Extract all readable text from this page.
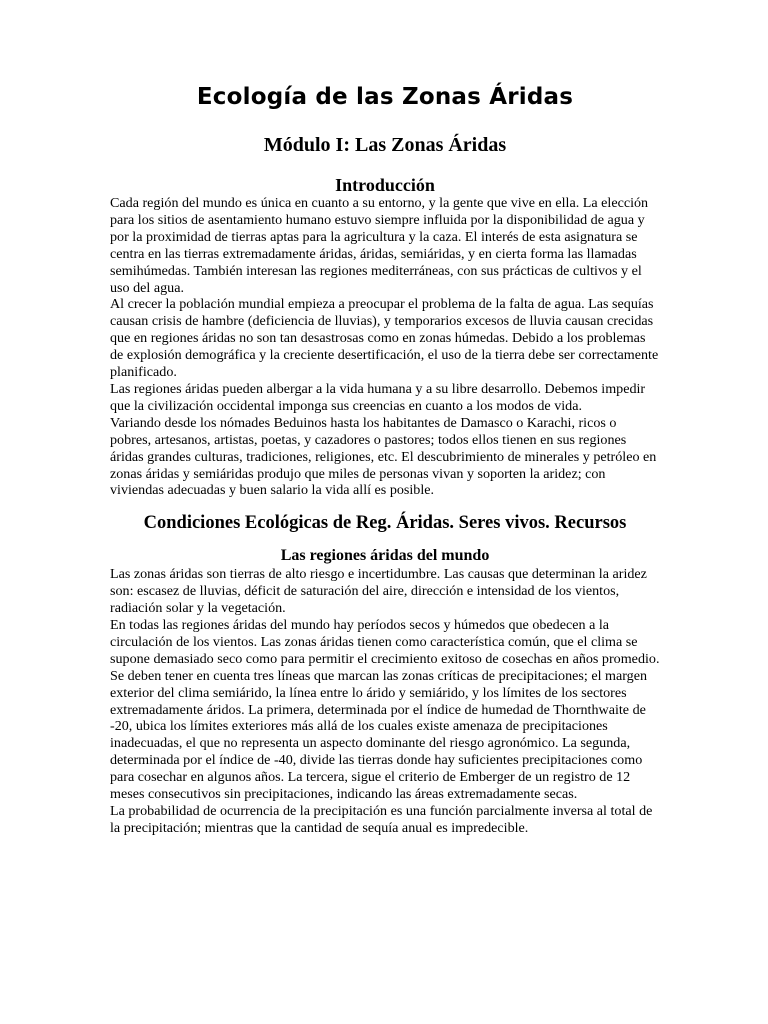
Ecología de las Zonas Áridas
Módulo I: Las Zonas Áridas
Introducción

Cada región del mundo es única en cuanto a su entorno, y la gente que vive en ella. La elección para los sitios de asentamiento humano estuvo siempre influida por la disponibilidad de agua y por la proximidad de tierras aptas para la agricultura y la caza. El interés de esta asignatura se centra en las tierras extremadamente áridas, áridas, semiáridas, y en cierta forma las llamadas semihúmedas. También interesan las regiones mediterráneas, con sus prácticas de cultivos y el uso del agua.

Al crecer la población mundial empieza a preocupar el problema de la falta de agua. Las sequías causan crisis de hambre (deficiencia de lluvias), y temporarios excesos de lluvia causan crecidas que en regiones áridas no son tan desastrosas como en zonas húmedas. Debido a los problemas de explosión demográfica y la creciente desertificación, el uso de la tierra debe ser correctamente planificado.

Las regiones áridas pueden albergar a la vida humana y a su libre desarrollo. Debemos impedir que la civilización occidental imponga sus creencias en cuanto a los modos de vida.

Variando desde los nómades Beduinos hasta los habitantes de Damasco o Karachi, ricos o pobres, artesanos, artistas, poetas, y cazadores o pastores; todos ellos tienen en sus regiones áridas grandes culturas, tradiciones, religiones, etc. El descubrimiento de minerales y petróleo en zonas áridas y semiáridas produjo que miles de personas vivan y soporten la aridez; con viviendas adecuadas y buen salario la vida allí es posible.

Condiciones Ecológicas de Reg. Áridas. Seres vivos. Recursos
Las regiones áridas del mundo

Las zonas áridas son tierras de alto riesgo e incertidumbre. Las causas que determinan la aridez son: escasez de lluvias, déficit de saturación del aire, dirección e intensidad de los vientos, radiación solar y la vegetación.

En todas las regiones áridas del mundo hay períodos secos y húmedos que obedecen a la circulación de los vientos. Las zonas áridas tienen como característica común, que el clima se supone demasiado seco como para permitir el crecimiento exitoso de cosechas en años promedio.

Se deben tener en cuenta tres líneas que marcan las zonas críticas de precipitaciones; el margen exterior del clima semiárido, la línea entre lo árido y semiárido, y los límites de los sectores extremadamente áridos. La primera, determinada por el índice de humedad de Thornthwaite de -20, ubica los límites exteriores más allá de los cuales existe amenaza de precipitaciones inadecuadas, el que no representa un aspecto dominante del riesgo agronómico. La segunda, determinada por el índice de -40, divide las tierras donde hay suficientes precipitaciones como para cosechar en algunos años. La tercera, sigue el criterio de Emberger de un registro de 12 meses consecutivos sin precipitaciones, indicando las áreas extremadamente secas.

La probabilidad de ocurrencia de la precipitación es una función parcialmente inversa al total de la precipitación; mientras que la cantidad de sequía anual es impredecible.
